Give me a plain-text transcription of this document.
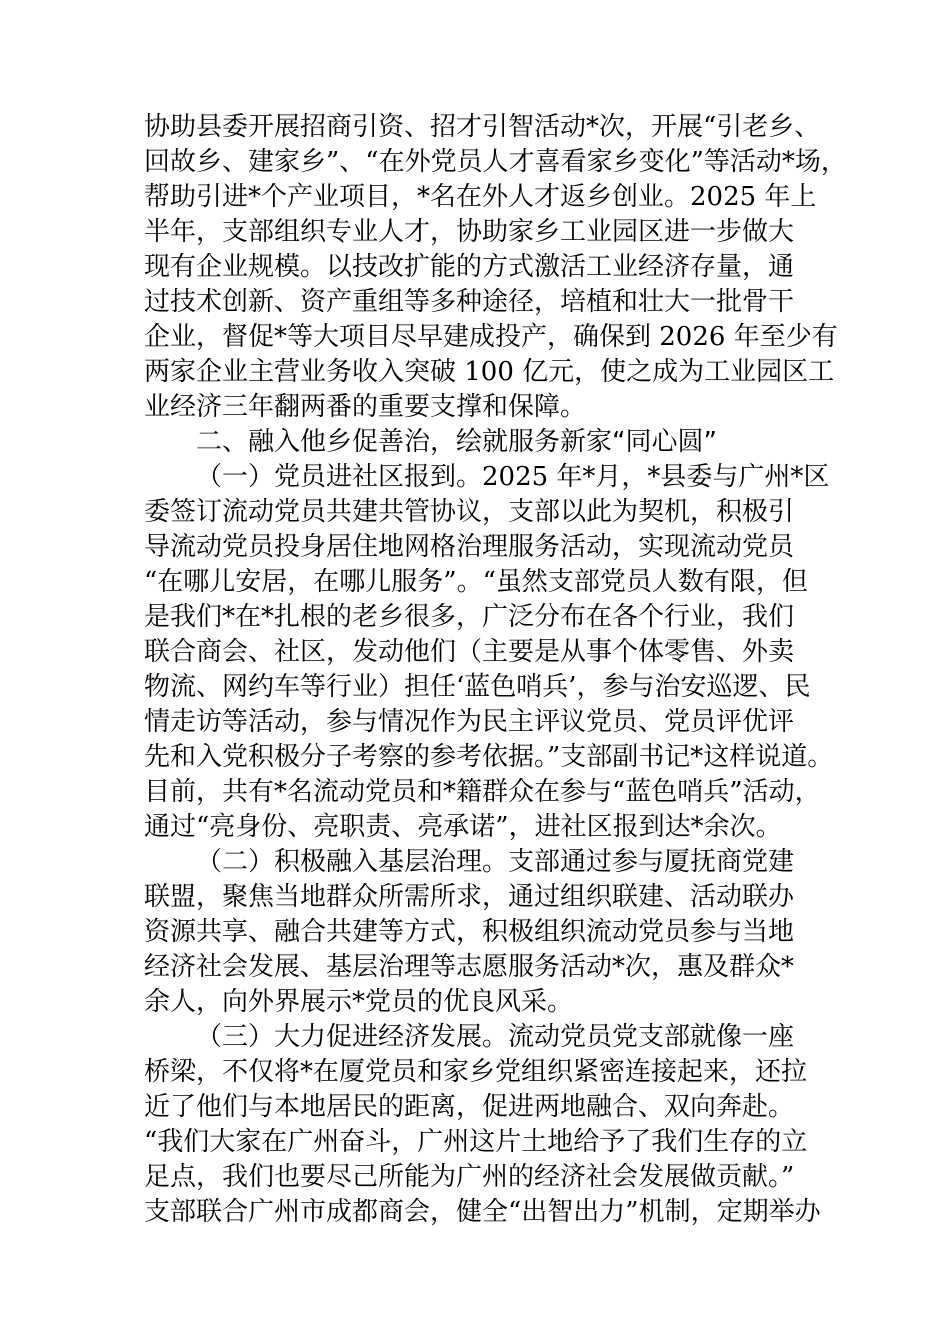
协助县委开展招商引资、招才引智活动*次，开展“引老乡、
回故乡、建家乡”、“在外党员人才喜看家乡变化”等活动*场，
帮助引进*个产业项目，*名在外人才返乡创业。2025 年上
半年，支部组织专业人才，协助家乡工业园区进一步做大
现有企业规模。以技改扩能的方式激活工业经济存量，通
过技术创新、资产重组等多种途径，培植和壮大一批骨干
企业，督促*等大项目尽早建成投产，确保到 2026 年至少有
两家企业主营业务收入突破 100 亿元，使之成为工业园区工
业经济三年翻两番的重要支撑和保障。
二、融入他乡促善治，绘就服务新家“同心圆”
（一）党员进社区报到。2025 年*月，*县委与广州*区
委签订流动党员共建共管协议，支部以此为契机，积极引
导流动党员投身居住地网格治理服务活动，实现流动党员
“在哪儿安居，在哪儿服务”。“虽然支部党员人数有限，但
是我们*在*扎根的老乡很多，广泛分布在各个行业，我们
联合商会、社区，发动他们（主要是从事个体零售、外卖
物流、网约车等行业）担任‘蓝色哨兵’，参与治安巡逻、民
情走访等活动，参与情况作为民主评议党员、党员评优评
先和入党积极分子考察的参考依据。”支部副书记*这样说道。
目前，共有*名流动党员和*籍群众在参与“蓝色哨兵”活动，
通过“亮身份、亮职责、亮承诺”，进社区报到达*余次。
（二）积极融入基层治理。支部通过参与厦抚商党建
联盟，聚焦当地群众所需所求，通过组织联建、活动联办
资源共享、融合共建等方式，积极组织流动党员参与当地
经济社会发展、基层治理等志愿服务活动*次，惠及群众*
余人，向外界展示*党员的优良风采。
（三）大力促进经济发展。流动党员党支部就像一座
桥梁，不仅将*在厦党员和家乡党组织紧密连接起来，还拉
近了他们与本地居民的距离，促进两地融合、双向奔赴。
“我们大家在广州奋斗，广州这片土地给予了我们生存的立
足点，我们也要尽己所能为广州的经济社会发展做贡献。”
支部联合广州市成都商会，健全“出智出力”机制，定期举办
